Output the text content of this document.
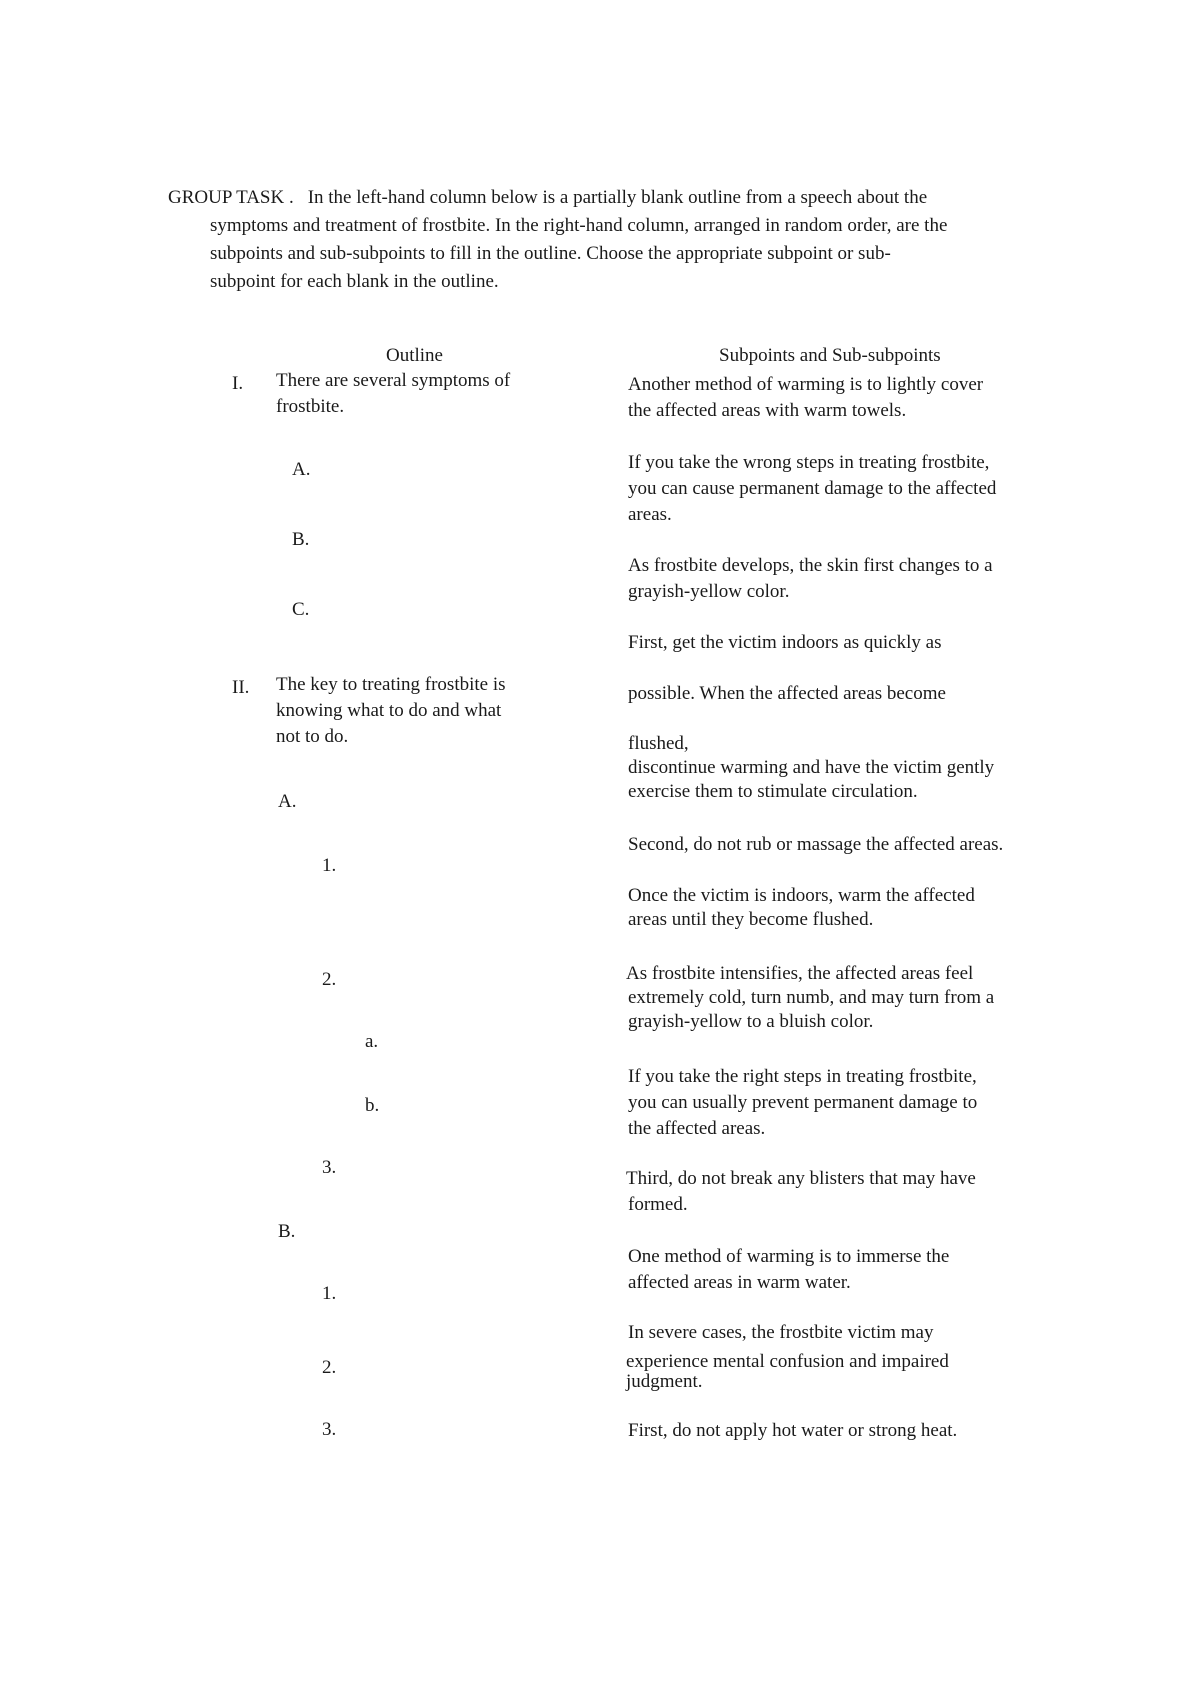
GROUP TASK . In the left-hand column below is a partially blank outline from a speech about the
symptoms and treatment of frostbite. In the right-hand column, arranged in random order, are the
subpoints and sub-subpoints to fill in the outline. Choose the appropriate subpoint or sub-
subpoint for each blank in the outline.
Outline	Subpoints and Sub-subpoints
I. There are several symptoms of
frostbite.
A.
B.
C.
II. The key to treating frostbite is
knowing what to do and what
not to do.
A.
1.
2.
a.
b.
3.
B.
1.
2.
3.
Another method of warming is to lightly cover
the affected areas with warm towels.
If you take the wrong steps in treating frostbite,
you can cause permanent damage to the affected
areas.
As frostbite develops, the skin first changes to a
grayish-yellow color.
First, get the victim indoors as quickly as
possible. When the affected areas become
flushed,
discontinue warming and have the victim gently
exercise them to stimulate circulation.
Second, do not rub or massage the affected areas.
Once the victim is indoors, warm the affected
areas until they become flushed.
As frostbite intensifies, the affected areas feel
extremely cold, turn numb, and may turn from a
grayish-yellow to a bluish color.
If you take the right steps in treating frostbite,
you can usually prevent permanent damage to
the affected areas.
Third, do not break any blisters that may have
formed.
One method of warming is to immerse the
affected areas in warm water.
In severe cases, the frostbite victim may
experience mental confusion and impaired
judgment.
First, do not apply hot water or strong heat.
